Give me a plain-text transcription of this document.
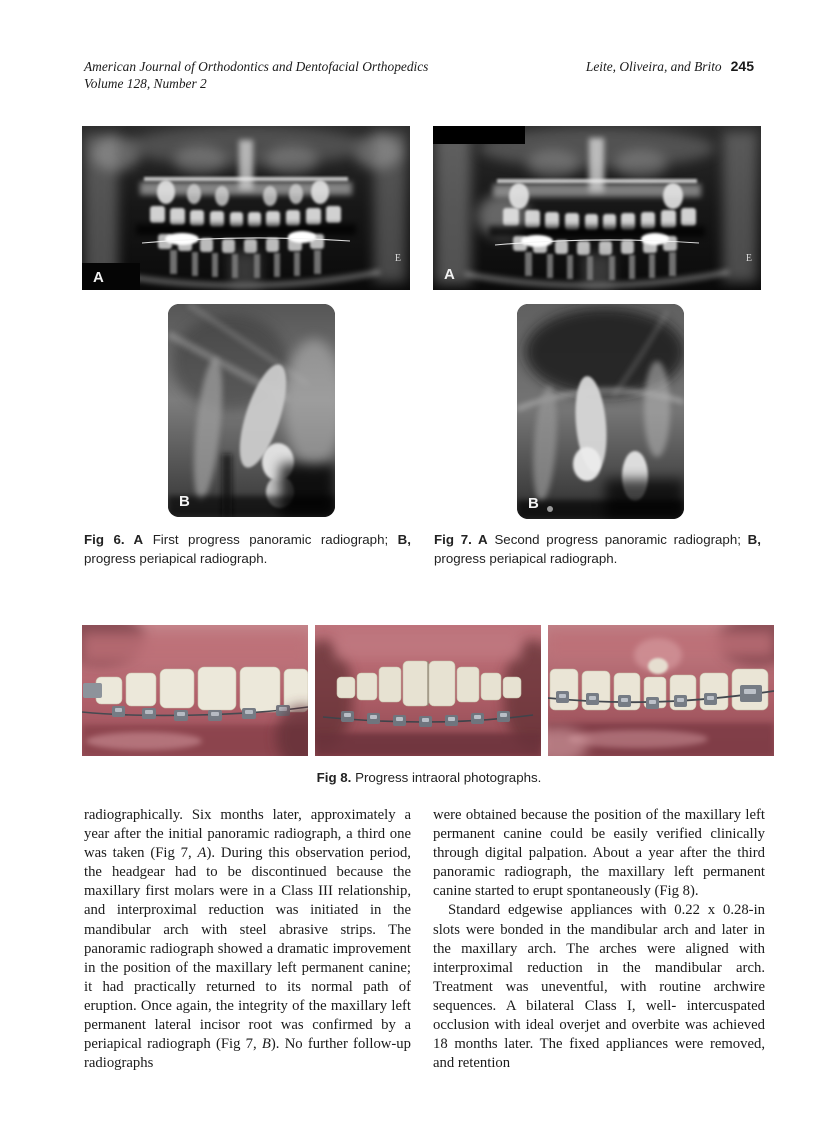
American Journal of Orthodontics and Dentofacial Orthopedics
Volume 128, Number 2
Leite, Oliveira, and Brito 245
A
E
A
E
B	B

Fig 6. A First progress panoramic radiograph; B, progress periapical radiograph.

Fig 7. A Second progress panoramic radiograph; B, progress periapical radiograph.

Fig 8. Progress intraoral photographs.

radiographically. Six months later, approximately a year after the initial panoramic radiograph, a third one was taken (Fig 7, A). During this observation period, the headgear had to be discontinued because the maxillary first molars were in a Class III relationship, and interproximal reduction was initiated in the mandibular arch with steel abrasive strips. The panoramic radiograph showed a dramatic improvement in the position of the maxillary left permanent canine; it had practically returned to its normal path of eruption. Once again, the integrity of the maxillary left permanent lateral incisor root was confirmed by a periapical radiograph (Fig 7, B). No further follow-up radiographs

were obtained because the position of the maxillary left permanent canine could be easily verified clinically through digital palpation. About a year after the third panoramic radiograph, the maxillary left permanent canine started to erupt spontaneously (Fig 8).

Standard edgewise appliances with 0.22 x 0.28-in slots were bonded in the mandibular arch and later in the maxillary arch. The arches were aligned with interproximal reduction in the mandibular arch. Treatment was uneventful, with routine archwire sequences. A bilateral Class I, well- intercuspated occlusion with ideal overjet and overbite was achieved 18 months later. The fixed appliances were removed, and retention
